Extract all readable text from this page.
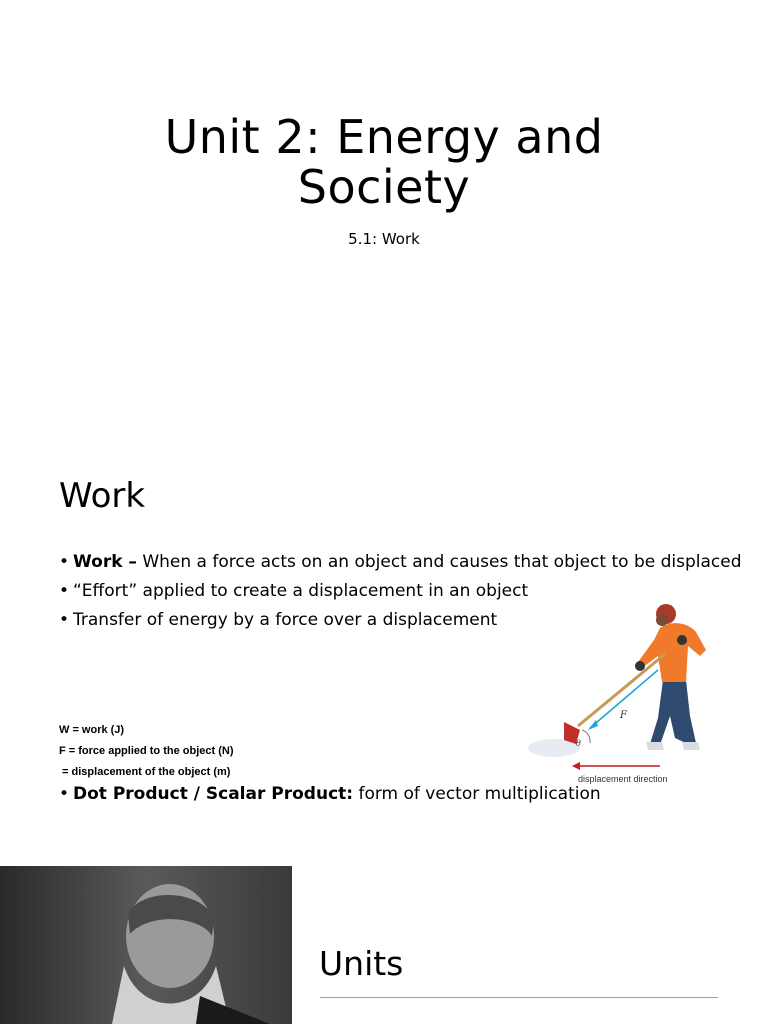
Unit 2: Energy and
Society
5.1: Work
Work
• Work – When a force acts on an object and causes that object to be displaced
• “Effort” applied to create a displacement in an object
• Transfer of energy by a force over a displacement
W = work (J)
F = force applied to the object (N)
= displacement of the object (m)
• Dot Product / Scalar Product: form of vector multiplication
F
θ
displacement direction
Units
